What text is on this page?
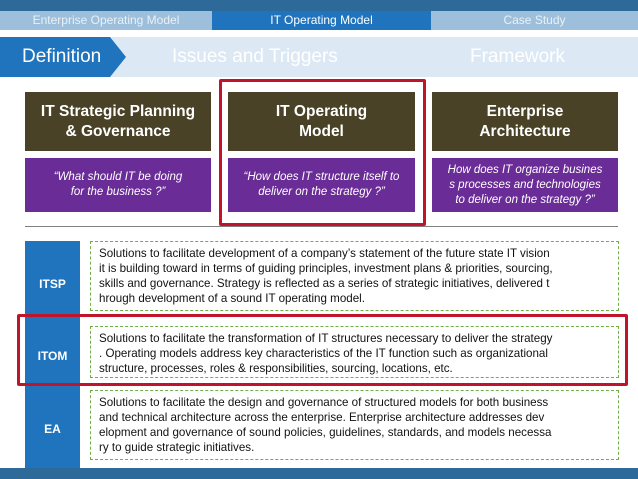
Enterprise Operating Model	IT Operating Model	Case Study
Definition	Issues and Triggers	Framework
IT Strategic Planning
& Governance
IT Operating
Model
Enterprise
Architecture
“What should IT be doing
for the business ?”
“How does IT structure itself to
deliver on the strategy ?”
How does IT organize busines
s processes and technologies
to deliver on the strategy ?”
ITSP
Solutions to facilitate development of a company’s statement of the future state IT vision
it is building toward in terms of guiding principles, investment plans & priorities, sourcing,
skills and governance. Strategy is reflected as a series of strategic initiatives, delivered t
hrough development of a sound IT operating model.
ITOM
Solutions to facilitate the transformation of IT structures necessary to deliver the strategy
. Operating models address key characteristics of the IT function such as organizational
structure, processes, roles & responsibilities, sourcing, locations, etc.
EA
Solutions to facilitate the design and governance of structured models for both business
and technical architecture across the enterprise. Enterprise architecture addresses dev
elopment and governance of sound policies, guidelines, standards, and models necessa
ry to guide strategic initiatives.
